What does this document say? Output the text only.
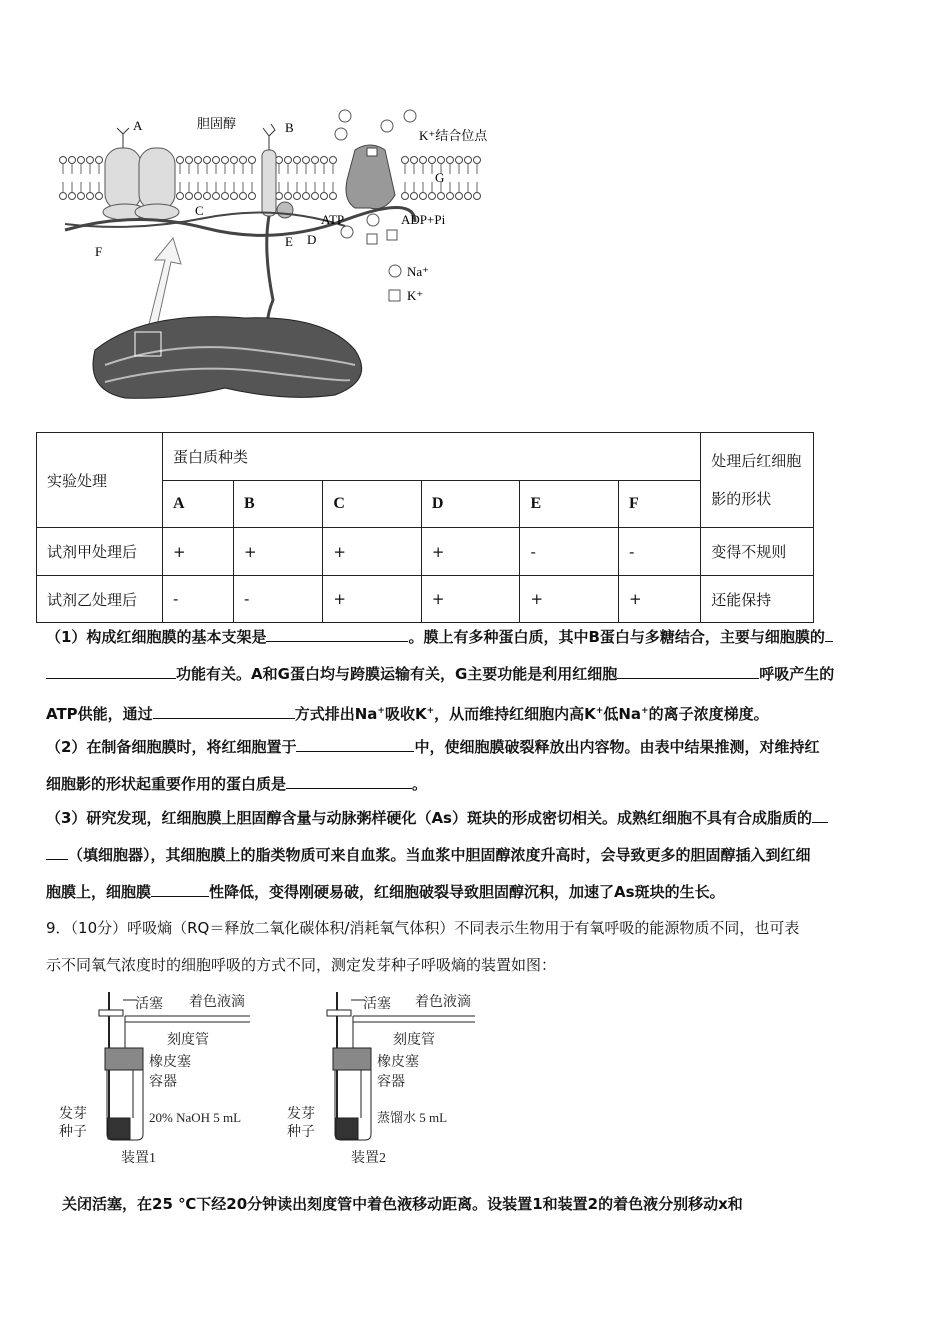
A	胆固醇	B
K⁺结合位点
G
C
ATP	ADP+Pi
E D
F
Na⁺
K⁺
实验处理	蛋白质种类						处理后红细胞影的形状
	A	B	C	D	E	F	
试剂甲处理后	+	+	+	+	-	-	变得不规则
试剂乙处理后	-	-	+	+	+	+	还能保持
（1）构成红细胞膜的基本支架是	。膜上有多种蛋白质，其中B蛋白与多糖结合，主要与细胞膜的
功能有关。A和G蛋白均与跨膜运输有关，G主要功能是利用红细胞	呼吸产生的
ATP供能，通过	方式排出Na+吸收K+，从而维持红细胞内高K+低Na+的离子浓度梯度。
（2）在制备细胞膜时，将红细胞置于	中，使细胞膜破裂释放出内容物。由表中结果推测，对维持红
细胞影的形状起重要作用的蛋白质是	。
（3）研究发现，红细胞膜上胆固醇含量与动脉粥样硬化（As）斑块的形成密切相关。成熟红细胞不具有合成脂质的
（填细胞器），其细胞膜上的脂类物质可来自血浆。当血浆中胆固醇浓度升高时，会导致更多的胆固醇插入到红细
胞膜上，细胞膜	性降低，变得刚硬易破，红细胞破裂导致胆固醇沉积，加速了As斑块的生长。
9．（10分）呼吸熵（RQ＝释放二氧化碳体积/消耗氧气体积）不同表示生物用于有氧呼吸的能源物质不同，也可表
示不同氧气浓度时的细胞呼吸的方式不同，测定发芽种子呼吸熵的装置如图：
活塞 着色液滴
刻度管
橡皮塞
容器
20% NaOH 5 mL
发芽
种子
装置1
活塞 着色液滴
刻度管
橡皮塞
容器
蒸馏水 5 mL
发芽
种子
装置2
关闭活塞，在25 ℃下经20分钟读出刻度管中着色液移动距离。设装置1和装置2的着色液分别移动x和
